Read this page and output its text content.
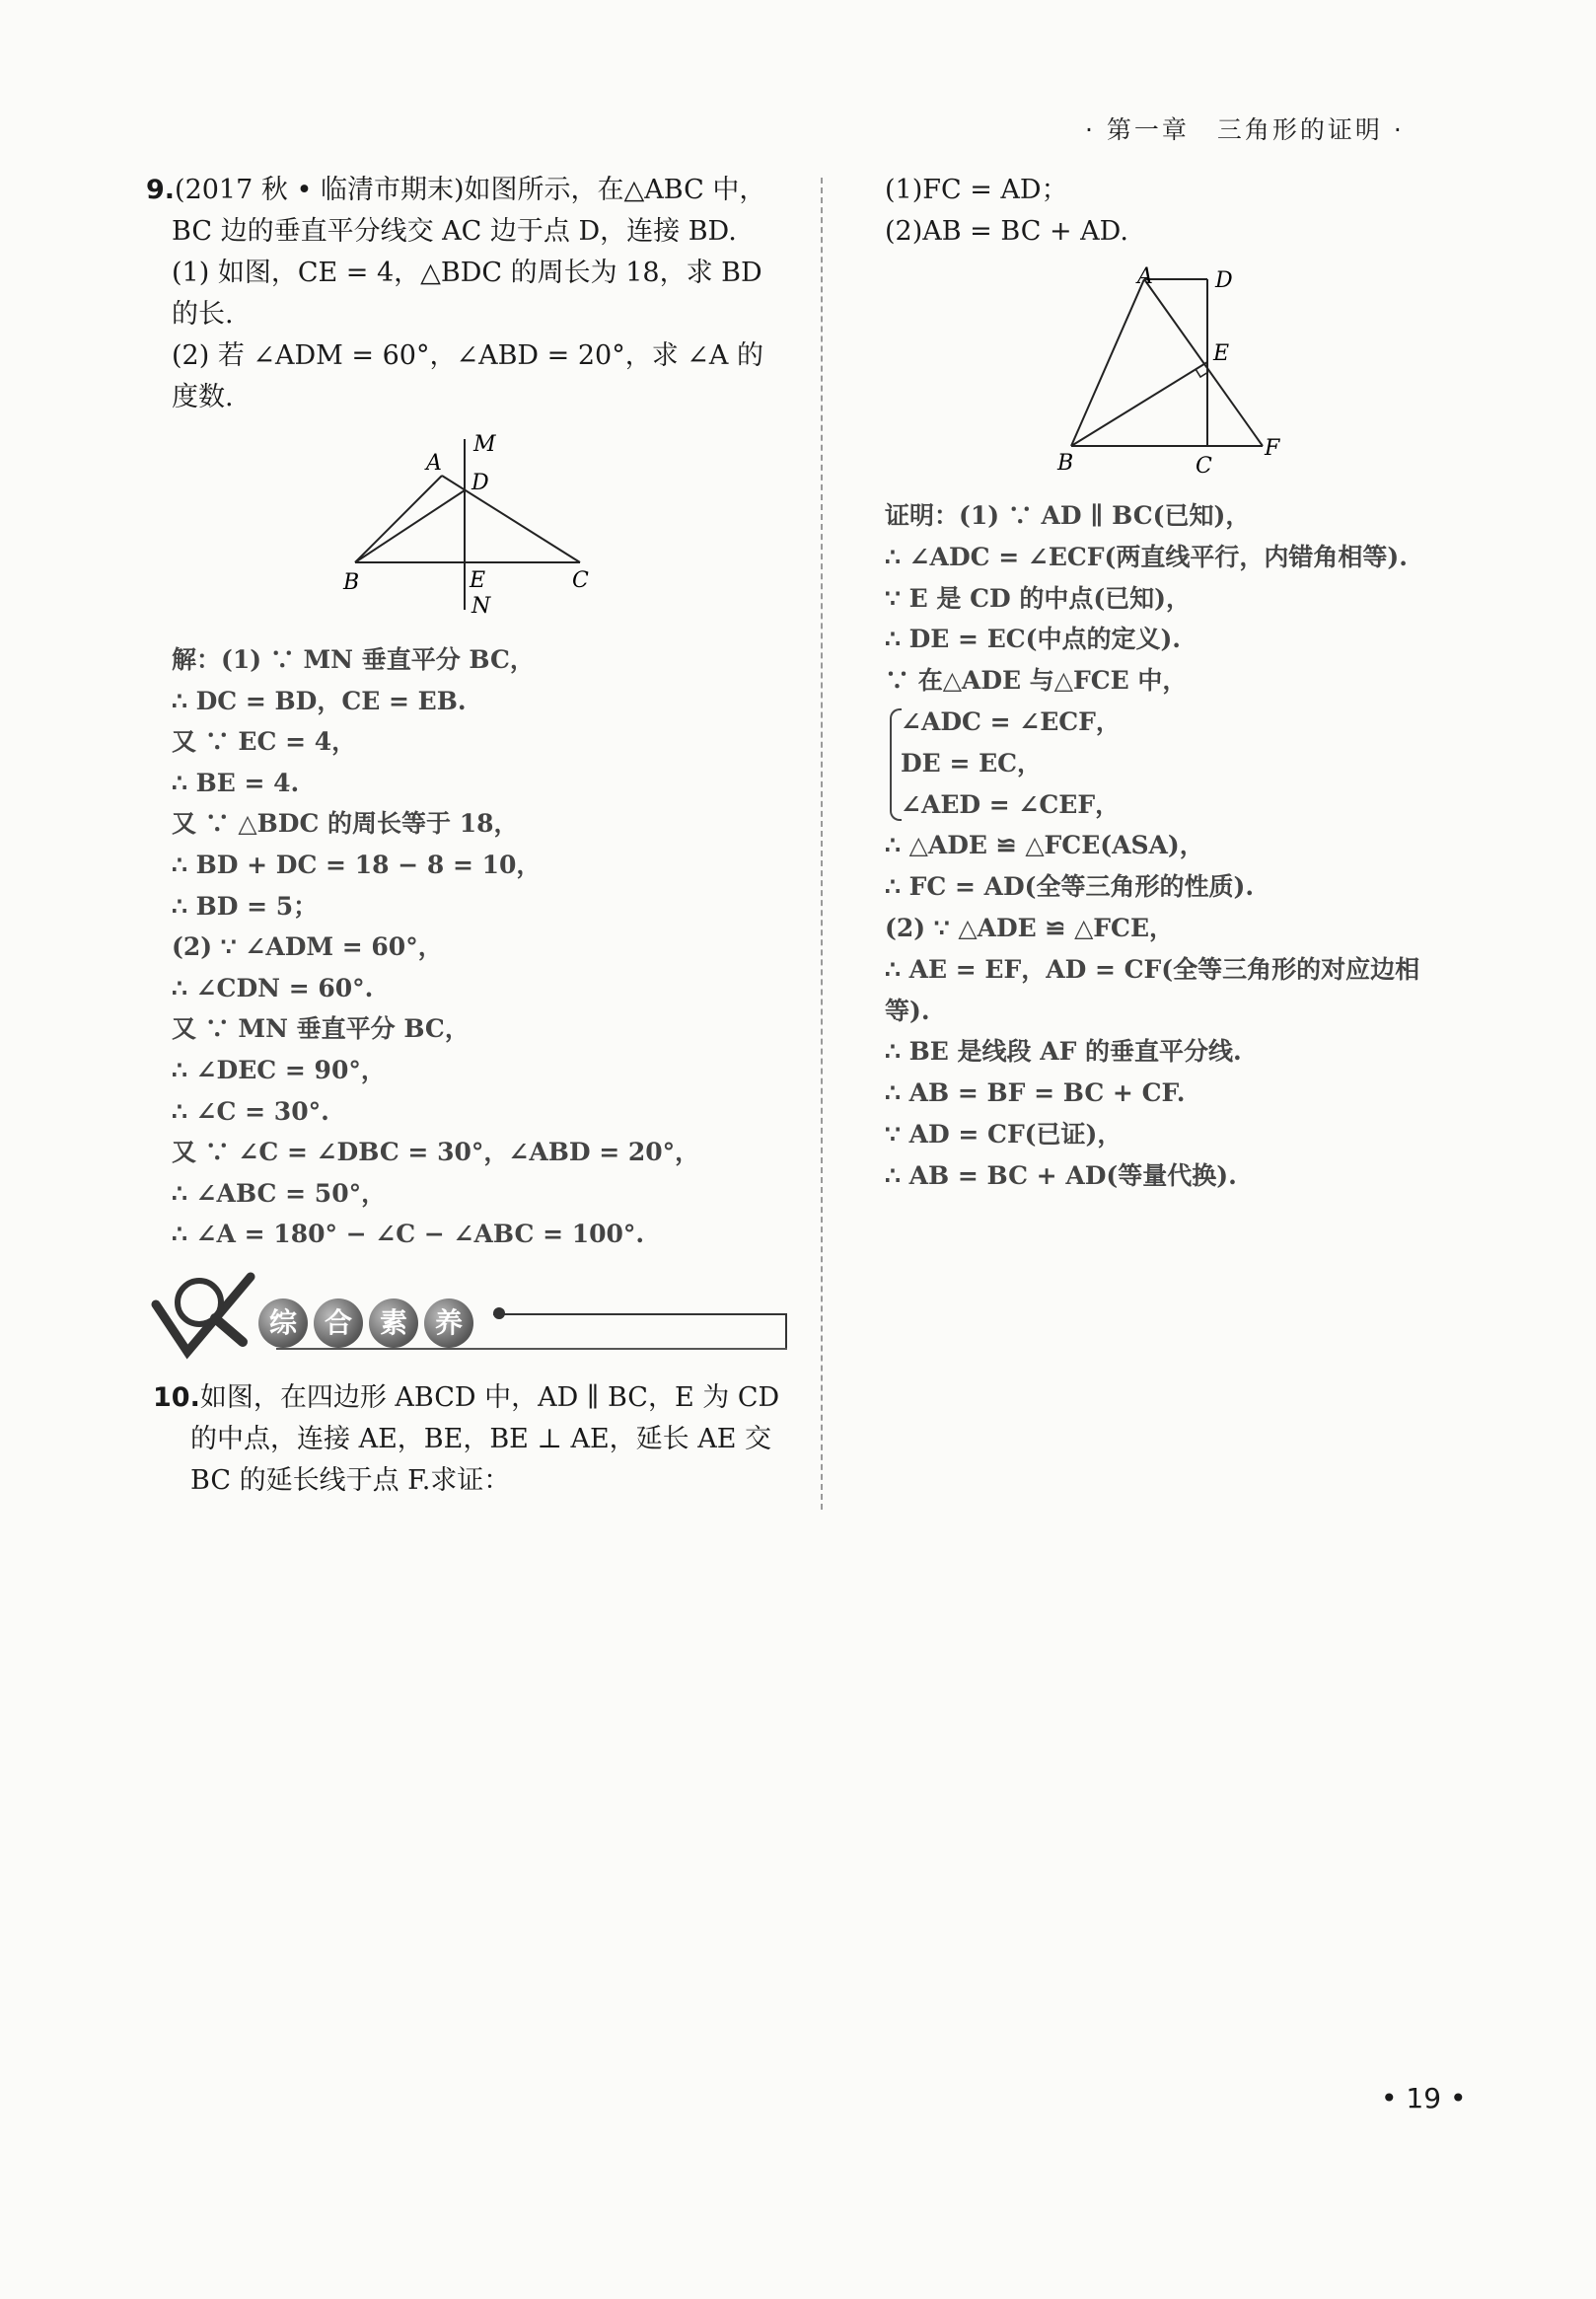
· 第一章　三角形的证明 ·
9.(2017 秋 • 临清市期末)如图所示，在△ABC 中，
BC 边的垂直平分线交 AC 边于点 D，连接 BD.
(1) 如图，CE = 4，△BDC 的周长为 18，求 BD
的长.
(2) 若 ∠ADM = 60°，∠ABD = 20°，求 ∠A 的
度数.
A
M
D
B	E	C
N
解：(1) ∵ MN 垂直平分 BC，
∴ DC = BD，CE = EB.
又 ∵ EC = 4，
∴ BE = 4.
又 ∵ △BDC 的周长等于 18，
∴ BD + DC = 18 − 8 = 10，
∴ BD = 5；
(2) ∵ ∠ADM = 60°，
∴ ∠CDN = 60°.
又 ∵ MN 垂直平分 BC，
∴ ∠DEC = 90°，
∴ ∠C = 30°.
又 ∵ ∠C = ∠DBC = 30°，∠ABD = 20°，
∴ ∠ABC = 50°，
∴ ∠A = 180° − ∠C − ∠ABC = 100°.
综 合 素 养
10.如图，在四边形 ABCD 中，AD ∥ BC，E 为 CD
的中点，连接 AE，BE，BE ⊥ AE，延长 AE 交
BC 的延长线于点 F.求证：
(1)FC = AD；
(2)AB = BC + AD.
A	D
E
B	C
F
证明：(1) ∵ AD ∥ BC(已知)，
∴ ∠ADC = ∠ECF(两直线平行，内错角相等).
∵ E 是 CD 的中点(已知)，
∴ DE = EC(中点的定义).
∵ 在△ADE 与△FCE 中，
∠ADC = ∠ECF，
DE = EC，
∠AED = ∠CEF，
∴ △ADE ≌ △FCE(ASA)，
∴ FC = AD(全等三角形的性质).
(2) ∵ △ADE ≌ △FCE，
∴ AE = EF，AD = CF(全等三角形的对应边相
等).
∴ BE 是线段 AF 的垂直平分线.
∴ AB = BF = BC + CF.
∵ AD = CF(已证)，
∴ AB = BC + AD(等量代换).
• 19 •
